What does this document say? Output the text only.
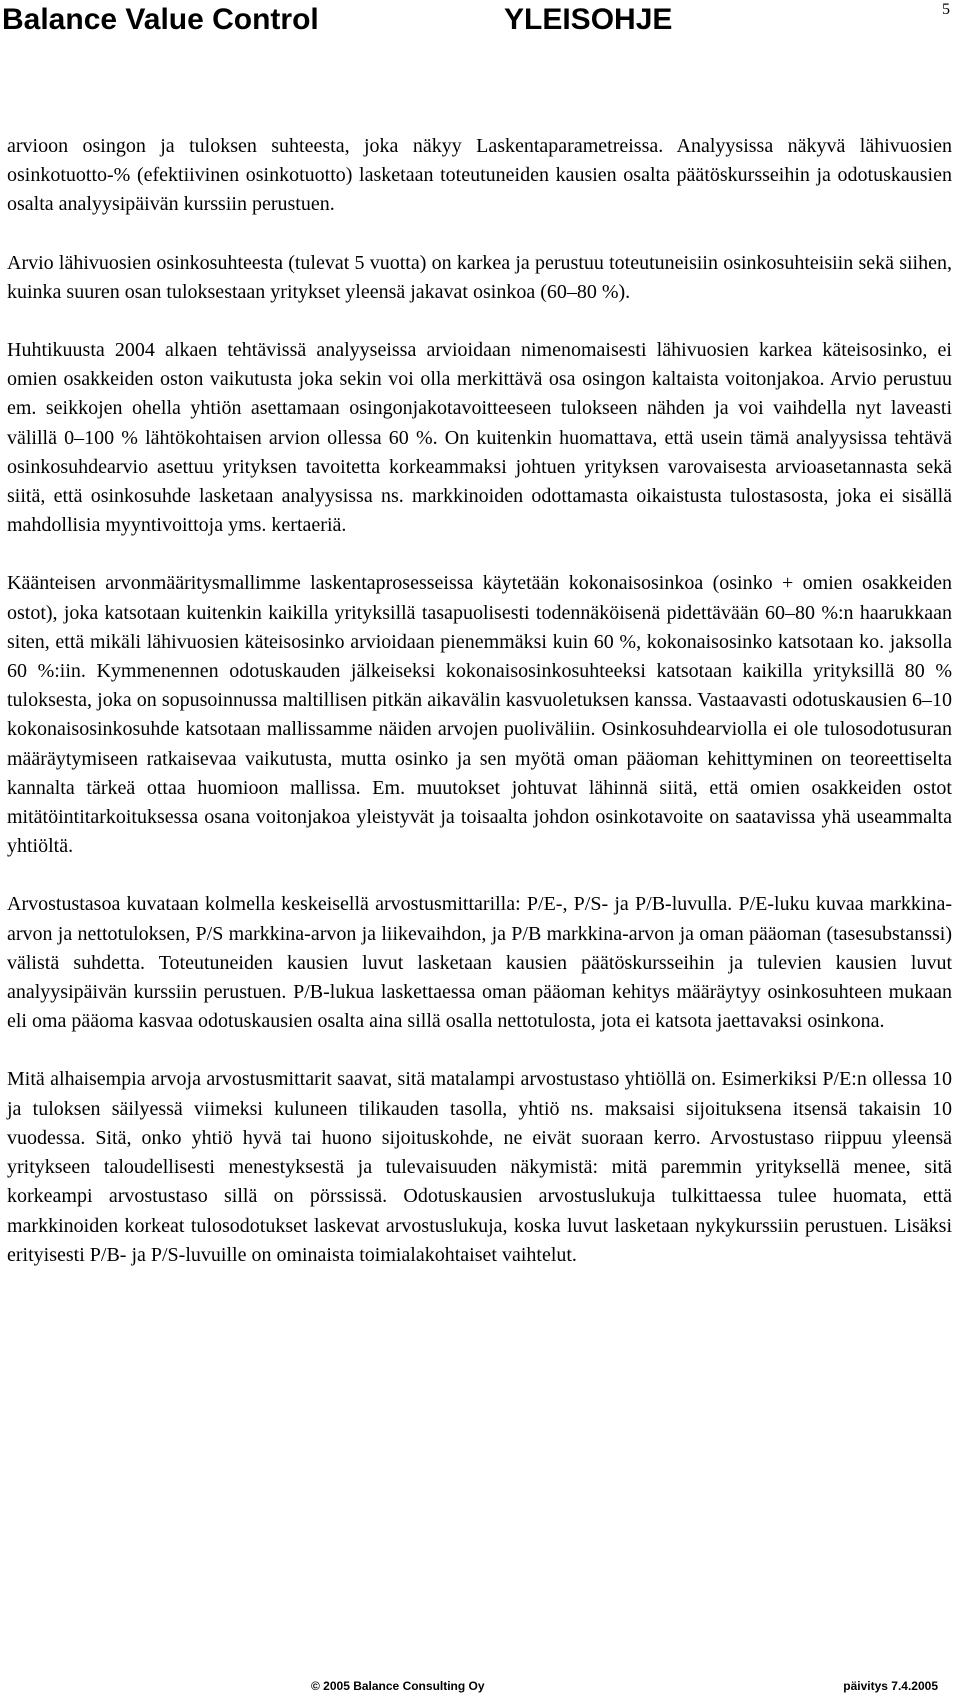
Balance Value Control	YLEISOHJE	5

arvioon osingon ja tuloksen suhteesta, joka näkyy Laskentaparametreissa. Analyysissa näkyvä lähivuosien osinkotuotto-% (efektiivinen osinkotuotto) lasketaan toteutuneiden kausien osalta päätöskursseihin ja odotuskausien osalta analyysipäivän kurssiin perustuen.

Arvio lähivuosien osinkosuhteesta (tulevat 5 vuotta) on karkea ja perustuu toteutuneisiin osinkosuhteisiin sekä siihen, kuinka suuren osan tuloksestaan yritykset yleensä jakavat osinkoa (60–80 %).

Huhtikuusta 2004 alkaen tehtävissä analyyseissa arvioidaan nimenomaisesti lähivuosien karkea käteisosinko, ei omien osakkeiden oston vaikutusta joka sekin voi olla merkittävä osa osingon kaltaista voitonjakoa. Arvio perustuu em. seikkojen ohella yhtiön asettamaan osingonjakotavoitteeseen tulokseen nähden ja voi vaihdella nyt laveasti välillä 0–100 % lähtökohtaisen arvion ollessa 60 %. On kuitenkin huomattava, että usein tämä analyysissa tehtävä osinkosuhdearvio asettuu yrityksen tavoitetta korkeammaksi johtuen yrityksen varovaisesta arvioasetannasta sekä siitä, että osinkosuhde lasketaan analyysissa ns. markkinoiden odottamasta oikaistusta tulostasosta, joka ei sisällä mahdollisia myyntivoittoja yms. kertaeriä.

Käänteisen arvonmääritysmallimme laskentaprosesseissa käytetään kokonaisosinkoa (osinko + omien osakkeiden ostot), joka katsotaan kuitenkin kaikilla yrityksillä tasapuolisesti todennäköisenä pidettävään 60–80 %:n haarukkaan siten, että mikäli lähivuosien käteisosinko arvioidaan pienemmäksi kuin 60 %, kokonaisosinko katsotaan ko. jaksolla 60 %:iin. Kymmenennen odotuskauden jälkeiseksi kokonaisosinkosuhteeksi katsotaan kaikilla yrityksillä 80 % tuloksesta, joka on sopusoinnussa maltillisen pitkän aikavälin kasvuoletuksen kanssa. Vastaavasti odotuskausien 6–10 kokonaisosinkosuhde katsotaan mallissamme näiden arvojen puoliväliin. Osinkosuhdearviolla ei ole tulosodotusuran määräytymiseen ratkaisevaa vaikutusta, mutta osinko ja sen myötä oman pääoman kehittyminen on teoreettiselta kannalta tärkeä ottaa huomioon mallissa. Em. muutokset johtuvat lähinnä siitä, että omien osakkeiden ostot mitätöintitarkoituksessa osana voitonjakoa yleistyvät ja toisaalta johdon osinkotavoite on saatavissa yhä useammalta yhtiöltä.

Arvostustasoa kuvataan kolmella keskeisellä arvostusmittarilla: P/E-, P/S- ja P/B-luvulla. P/E-luku kuvaa markkina-arvon ja nettotuloksen, P/S markkina-arvon ja liikevaihdon, ja P/B markkina-arvon ja oman pääoman (tasesubstanssi) välistä suhdetta. Toteutuneiden kausien luvut lasketaan kausien päätöskursseihin ja tulevien kausien luvut analyysipäivän kurssiin perustuen. P/B-lukua laskettaessa oman pääoman kehitys määräytyy osinkosuhteen mukaan eli oma pääoma kasvaa odotuskausien osalta aina sillä osalla nettotulosta, jota ei katsota jaettavaksi osinkona.

Mitä alhaisempia arvoja arvostusmittarit saavat, sitä matalampi arvostustaso yhtiöllä on. Esimerkiksi P/E:n ollessa 10 ja tuloksen säilyessä viimeksi kuluneen tilikauden tasolla, yhtiö ns. maksaisi sijoituksena itsensä takaisin 10 vuodessa. Sitä, onko yhtiö hyvä tai huono sijoituskohde, ne eivät suoraan kerro. Arvostustaso riippuu yleensä yritykseen taloudellisesti menestyksestä ja tulevaisuuden näkymistä: mitä paremmin yrityksellä menee, sitä korkeampi arvostustaso sillä on pörssissä. Odotuskausien arvostuslukuja tulkittaessa tulee huomata, että markkinoiden korkeat tulosodotukset laskevat arvostuslukuja, koska luvut lasketaan nykykurssiin perustuen. Lisäksi erityisesti P/B- ja P/S-luvuille on ominaista toimialakohtaiset vaihtelut.

© 2005 Balance Consulting Oy	päivitys 7.4.2005
